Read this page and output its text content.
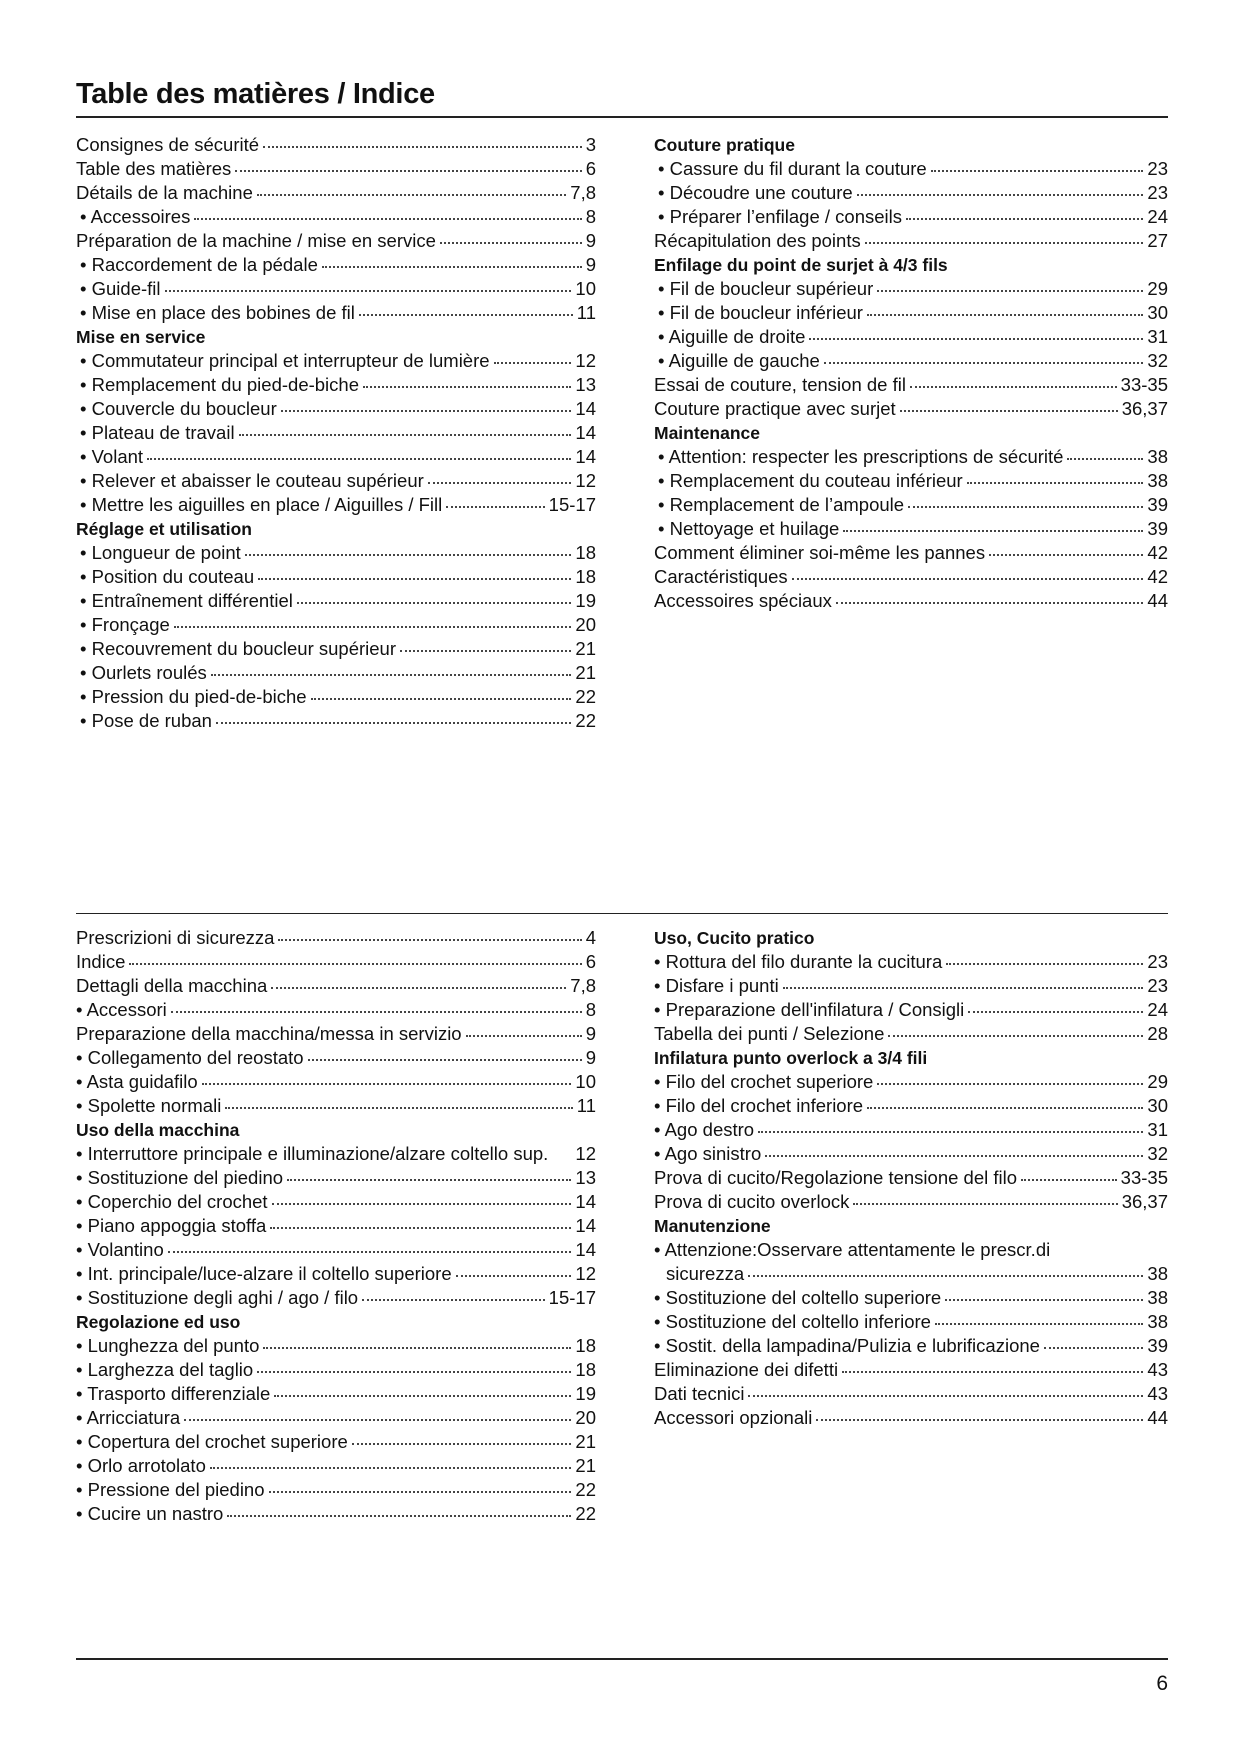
Table des matières / Indice
Consignes de sécurité	3
Table des matières	6
Détails de la machine	7,8
• Accessoires	8
Préparation de la machine / mise en service	9
• Raccordement de la pédale	9
• Guide-fil	10
• Mise en place des bobines de fil	11
Mise en service
• Commutateur principal et interrupteur de lumière	12
• Remplacement du pied-de-biche	13
• Couvercle du boucleur	14
• Plateau de travail	14
• Volant	14
• Relever et abaisser le couteau supérieur	12
• Mettre les aiguilles en place / Aiguilles / Fill	15-17
Réglage et utilisation
• Longueur de point	18
• Position du couteau	18
• Entraînement différentiel	19
• Fronçage	20
• Recouvrement du boucleur supérieur	21
• Ourlets roulés	21
• Pression du pied-de-biche	22
• Pose de ruban	22
Couture pratique
• Cassure du fil durant la couture	23
• Découdre une couture	23
• Préparer l’enfilage / conseils	24
Récapitulation des points	27
Enfilage du point de surjet à 4/3 fils
• Fil de boucleur supérieur	29
• Fil de boucleur inférieur	30
• Aiguille de droite	31
• Aiguille de gauche	32
Essai de couture, tension de fil	33-35
Couture practique avec surjet	36,37
Maintenance
• Attention: respecter les prescriptions de sécurité	38
• Remplacement du couteau inférieur	38
• Remplacement de l’ampoule	39
• Nettoyage et huilage	39
Comment éliminer soi-même les pannes	42
Caractéristiques	42
Accessoires spéciaux	44
Prescrizioni di sicurezza	4
Indice	6
Dettagli della macchina	7,8
• Accessori	8
Preparazione della macchina/messa in servizio	9
• Collegamento del reostato	9
• Asta guidafilo	10
• Spolette normali	11
Uso della macchina
• Interruttore principale e illuminazione/alzare coltello sup. 12
• Sostituzione del piedino	13
• Coperchio del crochet	14
• Piano appoggia stoffa	14
• Volantino	14
• Int. principale/luce-alzare il coltello superiore	12
• Sostituzione degli aghi / ago / filo	15-17
Regolazione ed uso
• Lunghezza del punto	18
• Larghezza del taglio	18
• Trasporto differenziale	19
• Arricciatura	20
• Copertura del crochet superiore	21
• Orlo arrotolato	21
• Pressione del piedino	22
• Cucire un nastro	22
Uso, Cucito pratico
• Rottura del filo durante la cucitura	23
• Disfare i punti	23
• Preparazione dell'infilatura / Consigli	24
Tabella dei punti / Selezione	28
Infilatura punto overlock a 3/4 fili
• Filo del crochet superiore	29
• Filo del crochet inferiore	30
• Ago destro	31
• Ago sinistro	32
Prova di cucito/Regolazione tensione del filo	33-35
Prova di cucito overlock	36,37
Manutenzione
• Attenzione:Osservare attentamente le prescr.di
sicurezza	38
• Sostituzione del coltello superiore	38
• Sostituzione del coltello inferiore	38
• Sostit. della lampadina/Pulizia e lubrificazione	39
Eliminazione dei difetti	43
Dati tecnici	43
Accessori opzionali	44
6
